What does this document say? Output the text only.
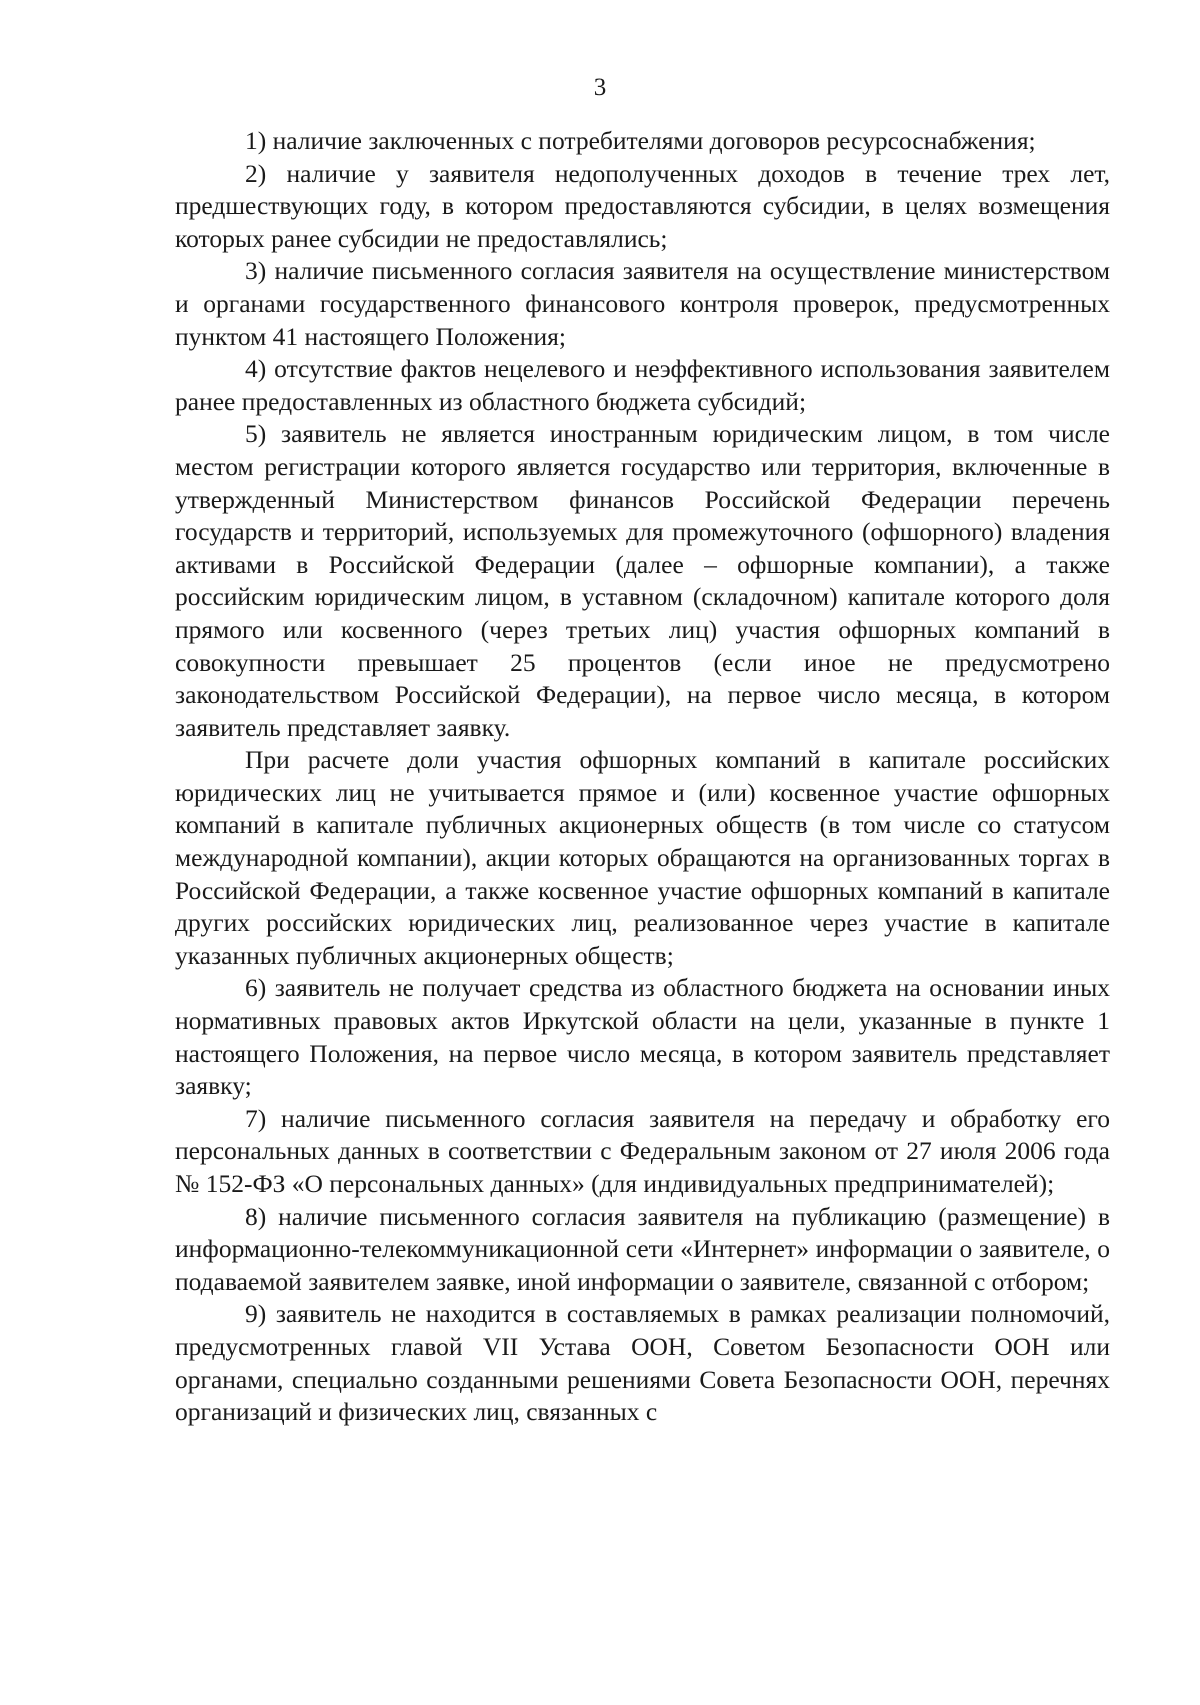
3

1) наличие заключенных с потребителями договоров ресурсоснабжения;

2) наличие у заявителя недополученных доходов в течение трех лет, предшествующих году, в котором предоставляются субсидии, в целях возмещения которых ранее субсидии не предоставлялись;

3) наличие письменного согласия заявителя на осуществление министерством и органами государственного финансового контроля проверок, предусмотренных пунктом 41 настоящего Положения;

4) отсутствие фактов нецелевого и неэффективного использования заявителем ранее предоставленных из областного бюджета субсидий;

5) заявитель не является иностранным юридическим лицом, в том числе местом регистрации которого является государство или территория, включенные в утвержденный Министерством финансов Российской Федерации перечень государств и территорий, используемых для промежуточного (офшорного) владения активами в Российской Федерации (далее – офшорные компании), а также российским юридическим лицом, в уставном (складочном) капитале которого доля прямого или косвенного (через третьих лиц) участия офшорных компаний в совокупности превышает 25 процентов (если иное не предусмотрено законодательством Российской Федерации), на первое число месяца, в котором заявитель представляет заявку.

При расчете доли участия офшорных компаний в капитале российских юридических лиц не учитывается прямое и (или) косвенное участие офшорных компаний в капитале публичных акционерных обществ (в том числе со статусом международной компании), акции которых обращаются на организованных торгах в Российской Федерации, а также косвенное участие офшорных компаний в капитале других российских юридических лиц, реализованное через участие в капитале указанных публичных акционерных обществ;

6) заявитель не получает средства из областного бюджета на основании иных нормативных правовых актов Иркутской области на цели, указанные в пункте 1 настоящего Положения, на первое число месяца, в котором заявитель представляет заявку;

7) наличие письменного согласия заявителя на передачу и обработку его персональных данных в соответствии с Федеральным законом от 27 июля 2006 года № 152-ФЗ «О персональных данных» (для индивидуальных предпринимателей);

8) наличие письменного согласия заявителя на публикацию (размещение) в информационно-телекоммуникационной сети «Интернет» информации о заявителе, о подаваемой заявителем заявке, иной информации о заявителе, связанной с отбором;

9) заявитель не находится в составляемых в рамках реализации полномочий, предусмотренных главой VII Устава ООН, Советом Безопасности ООН или органами, специально созданными решениями Совета Безопасности ООН, перечнях организаций и физических лиц, связанных с
